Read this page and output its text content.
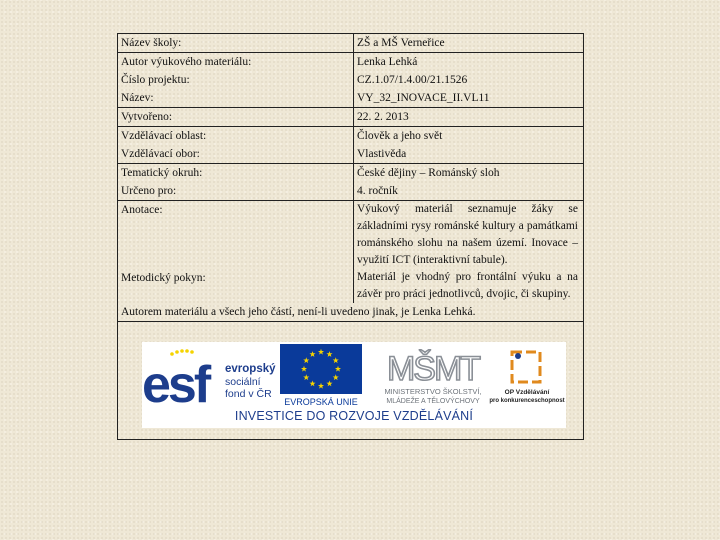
Název školy:	ZŠ a MŠ Verneřice
Autor výukového materiálu:	Lenka Lehká
Číslo projektu:	CZ.1.07/1.4.00/21.1526
Název:	VY_32_INOVACE_II.VL11
Vytvořeno:	22. 2. 2013
Vzdělávací oblast:	Člověk a jeho svět
Vzdělávací obor:	Vlastivěda
Tematický okruh:	České dějiny – Románský sloh
Určeno pro:	4. ročník
Anotace:	Výukový materiál seznamuje žáky se základními rysy románské kultury a památkami románského slohu na našem území. Inovace – využití ICT (interaktivní tabule).
Metodický pokyn:	Materiál je vhodný pro frontální výuku a na závěr pro práci jednotlivců, dvojic, či skupiny.
Autorem materiálu a všech jeho částí, není-li uvedeno jinak, je Lenka Lehká.	
esf	evropský
sociální
fond v ČR
EVROPSKÁ UNIE
MŠMT
MINISTERSTVO ŠKOLSTVÍ,
MLÁDEŽE A TĚLOVÝCHOVY
OP Vzdělávání
pro konkurenceschopnost
INVESTICE DO ROZVOJE VZDĚLÁVÁNÍ
